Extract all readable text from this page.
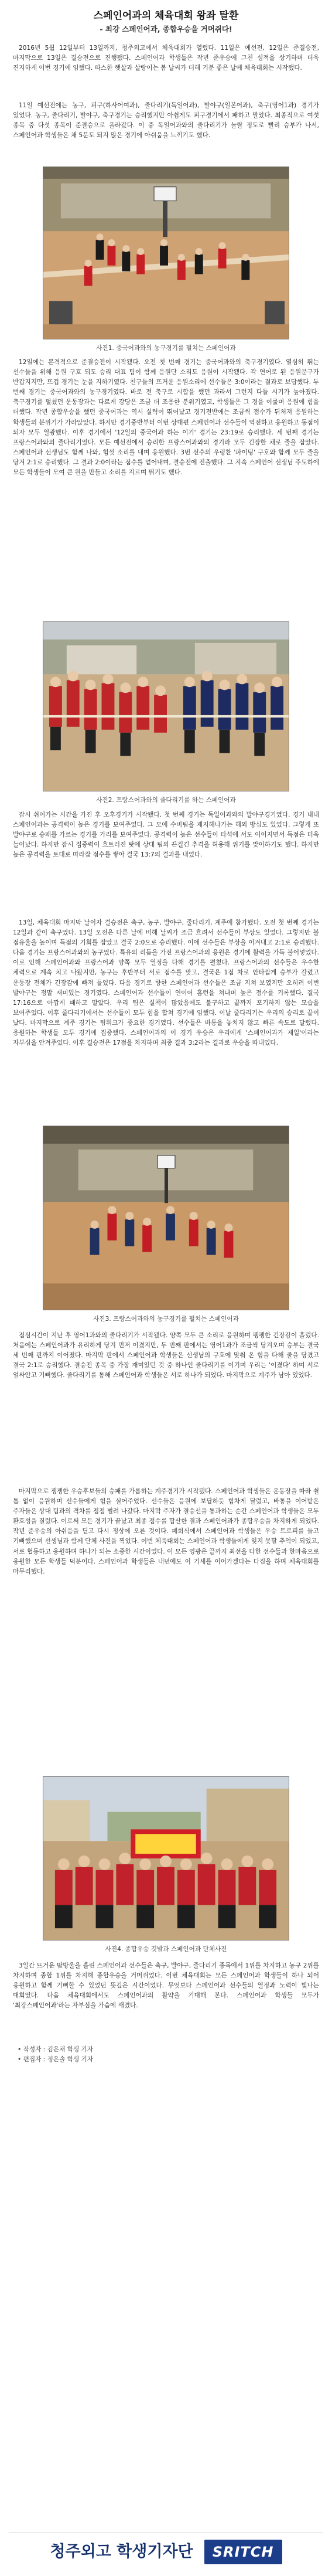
스페인어과의 체육대회 왕좌 탈환
- 최강 스페인어과, 종합우승을 거머쥐다!

2016년 5월 12일부터 13일까지, 청주외고에서 체육대회가 열렸다. 11일은 예선전, 12일은 준결승전, 마지막으로 13일은 결승전으로 진행됐다. 스페인어과 학생들은 작년 준우승에 그친 성적을 상기하며 더욱 진지하게 이번 경기에 임했다. 따스한 햇살과 살랑이는 봄 날씨가 더해 기분 좋은 날에 체육대회는 시작됐다.

11일 예선전에는 농구, 피구(하사어여과), 줄다리기(독일어과), 발야구(일본어과), 축구(영어1과) 경기가 있었다. 농구, 줄다리기, 발야구, 축구경기는 승리했지만 아쉽게도 피구경기에서 패하고 말았다. 최종적으로 여섯 종목 중 다섯 종목이 준결승으로 올라갔다. 이 중 독일어과와의 줄다리기가 놀랄 정도로 빨리 승부가 나서, 스페인어과 학생들은 채 5분도 되지 않은 경기에 아쉬움을 느끼기도 했다.

사진1. 중국어과와의 농구경기를 펼치는 스페인어과

12일에는 본격적으로 준결승전이 시작됐다. 오전 첫 번째 경기는 중국어과와의 축구경기였다. 열심히 뛰는 선수들을 위해 응원 구호 되도 승리 대표 팀이 함께 응원단 소리도 응원이 시작됐다. 각 연어로 된 응원문구가 반갑지지만, 뜨겁 경기는 눈을 지하기였다. 친구들의 뜨거운 응원소리에 선수들은 3:0이라는 결과로 보답했다. 두 번째 경기는 중국어과와의 농구경기였다. 바로 전 축구로 시합을 했던 과라서 그런지 다들 시기가 높아졌다. 축구경기를 펼쳤던 운동장과는 다르게 강당은 조금 더 조용한 분위기였고, 학생들은 그 경을 이룰며 응원에 힘을 더했다. 작년 종합우승을 했던 중국어과는 역시 실력이 뛰어났고 경기전반에는 조금씩 점수가 뒤처져 응원하는 학생들의 분위기가 가라앉았다. 하지만 경기중반부터 이번 상대편 스페인어과 선수들이 역전하고 응원하고 동점이 되자 모두 열광했다. 이후 경기에서 '12일의 중국어과 하는 이기' 경기는 23:19로 승리했다. 세 번째 경기는 프랑스어과와의 줄다리기였다. 모든 예선전에서 승리한 프랑스어과와의 경기라 모두 긴장한 채로 줄을 잡았다. 스페인어과 선생님도 함께 나와, 힘껏 소리를 내며 응원했다. 3번 선수의 우렁찬 '파이팅' 구호와 함께 모두 줄을 당겨 2:1로 승리했다. 그 결과 2:0이라는 점수를 얻어내며, 결승전에 진출했다. 그 지속 스페인어 선생님 주도하에 모든 학생들이 모여 큰 원을 만들고 소리를 지르며 뛰기도 했다.

사진2. 프랑스어과와의 줄다리기를 하는 스페인어과

잠시 쉬어가는 시간을 가진 후 오후경기가 시작됐다. 첫 번째 경기는 독일어과와의 발야구경기였다. 경기 내내 스페인어과는 공격력이 높은 경기를 보여주었다. 그 모에 수비팀을 제지해나가는 해외 방심도 있었다. 그렇게 또 발야구로 승패를 가르는 경기를 가리를 보여주었다. 공격력이 높은 선수들이 타석에 서도 이어지면서 득점은 더욱 늘어났다. 하지만 잠시 집중력이 흐트러진 탓에 상대 팀의 끈질긴 추격을 허용해 위기를 맞이하기도 했다. 하지만 높은 공격력을 토대로 따라잡 점수를 쌓아 결국 13:7의 결과를 내었다.

13일, 체육대회 마지막 날이자 결승전은 축구, 농구, 발야구, 줄다리기, 계주에 참가했다. 오전 첫 번째 경기는 12일과 같이 축구였다. 13일 오전은 다른 날에 비해 날씨가 조금 흐려서 선수들이 부상도 있었다. 그렇지만 볼 점유율을 높이며 득점의 기회를 잡았고 결국 2:0으로 승리했다. 이에 선수들은 부상을 이겨내고 2:1로 승리했다. 다음 경기는 프랑스어과와의 농구였다. 특유의 리듬을 가진 프랑스어과의 응원은 경기에 활력을 가득 불어넣었다. 이로 인해 스페인어과와 프랑스어과 양쪽 모두 열정을 다해 경기를 펼쳤다. 프랑스어과의 선수들은 우수한 체력으로 계속 치고 나왔지만, 농구는 후반부터 서로 점수를 맞고, 결국은 1점 차로 안타깝게 승부가 갈렸고 운동장 전체가 긴장감에 빠져 들었다. 다음 경기로 향한 스페인어과 선수들은 조금 지쳐 보였지만 오히려 이번 발야구는 정말 재미있는 경기였다. 스페인어과 선수들이 연이어 홈런을 쳐내며 높은 점수를 기록했다. 결국 17:16으로 아깝게 패하고 말았다. 우리 팀은 실책이 많았음에도 불구하고 끝까지 포기하지 않는 모습을 보여주었다. 이후 줄다리기에서는 선수들이 모두 힘을 합쳐 경기에 임했다. 이날 줄다리기는 우리의 승리로 끝이 났다. 마지막으로 계주 경기는 팀워크가 중요한 경기였다. 선수들은 바통을 놓치지 않고 빠른 속도로 달렸다. 응원하는 학생들 모두 경기에 집중했다. 스페인어과의 이 경기 우승은 우리에게 '스페인어과가 제일'이라는 자부심을 안겨주었다. 이후 결승전은 17점을 차지하며 최종 결과 3:2라는 결과로 우승을 따내었다.

사진3. 프랑스어과와의 농구경기를 펼치는 스페인어과

점심시간이 지난 후 영어1과와의 줄다리기가 시작됐다. 양쪽 모두 큰 소리로 응원하며 팽팽한 긴장감이 흘렀다. 처음에는 스페인어과가 유리하게 당겨 먼저 이겼지만, 두 번째 판에서는 영어1과가 조금씩 당겨오며 승부는 결국 세 번째 판까지 이어졌다. 마지막 판에서 스페인어과 학생들은 선생님의 구호에 맞춰 온 힘을 다해 줄을 당겼고 결국 2:1로 승리했다. 결승전 종목 중 가장 재미있던 것 중 하나인 줄다리기를 이기며 우리는 '이겼다' 하며 서로 얼싸안고 기뻐했다. 줄다리기를 통해 스페인어과 학생들은 서로 하나가 되었다. 마지막으로 계주가 남아 있었다.

마지막으로 쟁쟁한 우승후보들의 승패를 가름하는 계주경기가 시작됐다. 스페인어과 학생들은 운동장을 따라 쉴 틈 없이 응원하며 선수들에게 힘을 실어주었다. 선수들은 응원에 보답하듯 힘차게 달렸고, 바통을 이어받은 주자들은 상대 팀과의 격차를 점점 벌려 나갔다. 마지막 주자가 결승선을 통과하는 순간 스페인어과 학생들은 모두 환호성을 질렀다. 이로써 모든 경기가 끝났고 최종 점수를 합산한 결과 스페인어과가 종합우승을 차지하게 되었다. 작년 준우승의 아쉬움을 딛고 다시 정상에 오른 것이다. 폐회식에서 스페인어과 학생들은 우승 트로피를 들고 기뻐했으며 선생님과 함께 단체 사진을 찍었다. 이번 체육대회는 스페인어과 학생들에게 잊지 못할 추억이 되었고, 서로 협동하고 응원하며 하나가 되는 소중한 시간이었다. 이 모든 영광은 끝까지 최선을 다한 선수들과 한마음으로 응원한 모든 학생들 덕분이다. 스페인어과 학생들은 내년에도 이 기세를 이어가겠다는 다짐을 하며 체육대회를 마무리했다.

사진4. 종합우승 깃발과 스페인어과 단체사진

3일간 뜨거운 땀방울을 흘린 스페인어과 선수들은 축구, 발야구, 줄다리기 종목에서 1위를 차지하고 농구 2위를 차지하며 종합 1위를 차지해 종합우승을 거머쥐었다. 이번 체육대회는 모든 스페인어과 학생들이 하나 되어 응원하고 함께 기뻐할 수 있었던 뜻깊은 시간이었다. 무엇보다 스페인어과 선수들의 열정과 노력이 빛나는 대회였다. 다음 체육대회에서도 스페인어과의 활약을 기대해 본다. 스페인어과 학생들 모두가 '최강스페인어과'라는 자부심을 가슴에 새겼다.

• 작성자 : 김은채 학생 기자
• 편집자 : 정은솔 학생 기자
청주외고 학생기자단 SRITCH
